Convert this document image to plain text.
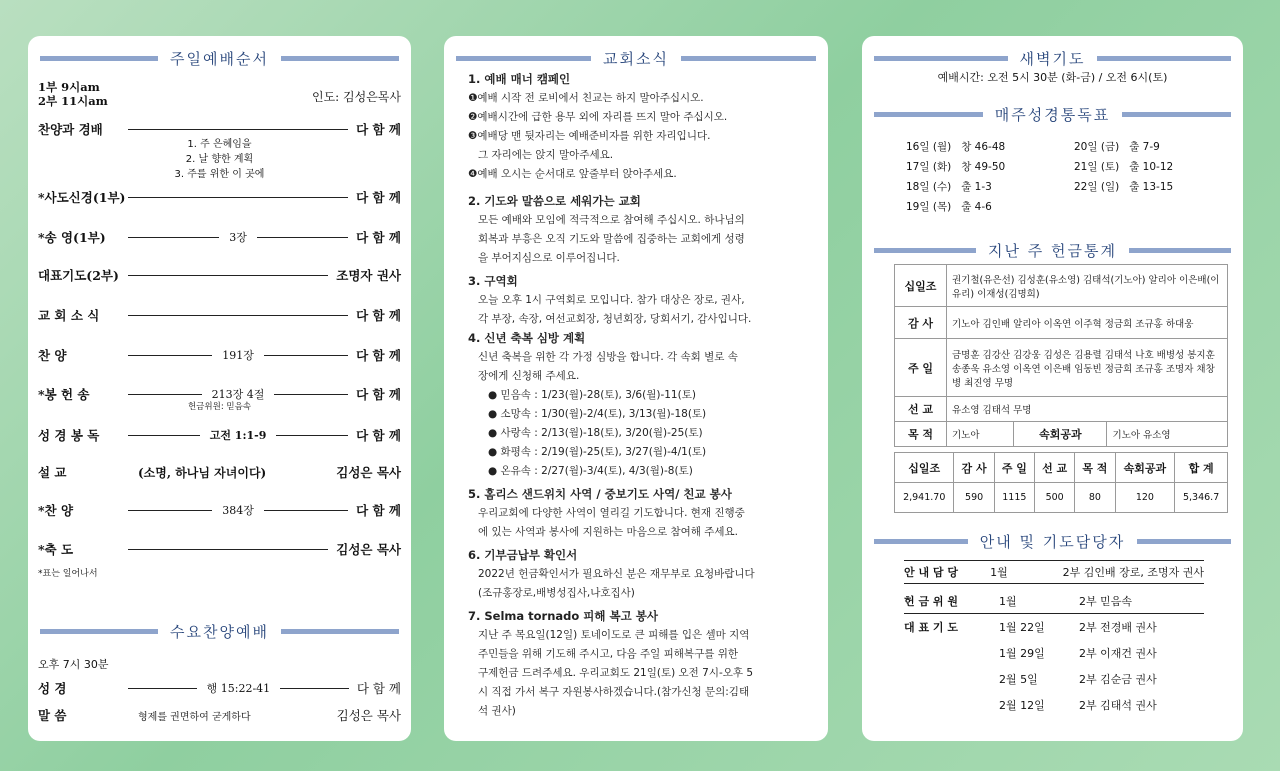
주일예배순서
1부 9시am
2부 11시am	인도: 김성은목사
찬양과 경배	다 함 께
1. 주 은혜임을
2. 날 향한 계획
3. 주를 위한 이 곳에
*사도신경(1부)	다 함 께
*송 영(1부)	3장	다 함 께
대표기도(2부)	조명자 권사
교 회 소 식	다 함 께
찬 양	191장	다 함 께
*봉 헌 송	213장 4절	다 함 께
헌금위원: 믿음속
성 경 봉 독	고전 1:1-9	다 함 께
설 교	(소명, 하나님 자녀이다)	김성은 목사
*찬 양	384장	다 함 께
*축 도	김성은 목사
*표는 일어나서
수요찬양예배
오후 7시 30분
성 경	행 15:22-41	다 함 께
말 씀	형제를 권면하여 굳게하다	김성은 목사
교회소식
1. 예배 매너 캠페인
❶예배 시작 전 로비에서 친교는 하지 말아주십시오.
❷예배시간에 급한 용무 외에 자리를 뜨지 말아 주십시오.
❸예배당 맨 뒷자리는 예배준비자를 위한 자리입니다.
그 자리에는 앉지 말아주세요.
❹예배 오시는 순서대로 앞줄부터 앉아주세요.
2. 기도와 말씀으로 세워가는 교회
모든 예배와 모임에 적극적으로 참여해 주십시오. 하나님의
회복과 부흥은 오직 기도와 말씀에 집중하는 교회에게 성령
을 부어지심으로 이루어집니다.
3. 구역회
오늘 오후 1시 구역회로 모입니다. 참가 대상은 장로, 권사,
각 부장, 속장, 여선교회장, 청년회장, 당회서기, 감사입니다.
4. 신년 축복 심방 계획
신년 축복을 위한 각 가정 심방을 합니다. 각 속회 별로 속
장에게 신청해 주세요.
● 믿음속 : 1/23(월)-28(토), 3/6(월)-11(토)
● 소망속 : 1/30(월)-2/4(토), 3/13(월)-18(토)
● 사랑속 : 2/13(월)-18(토), 3/20(월)-25(토)
● 화평속 : 2/19(월)-25(토), 3/27(월)-4/1(토)
● 온유속 : 2/27(월)-3/4(토), 4/3(월)-8(토)
5. 홈리스 샌드위치 사역 / 중보기도 사역/ 친교 봉사
우리교회에 다양한 사역이 열리길 기도합니다. 현재 진행중
에 있는 사역과 봉사에 지원하는 마음으로 참여해 주세요.
6. 기부금납부 확인서
2022년 헌금확인서가 필요하신 분은 재무부로 요청바랍니다
(조규홍장로,배병성집사,나호집사)
7. Selma tornado 피해 복고 봉사
지난 주 목요일(12일) 토네이도로 큰 피해를 입은 셀마 지역
주민들을 위해 기도해 주시고, 다음 주일 피해복구를 위한
구제헌금 드려주세요. 우리교회도 21일(토) 오전 7시-오후 5
시 직접 가서 복구 자원봉사하겠습니다.(참가신청 문의:김태
석 권사)
새벽기도
예배시간: 오전 5시 30분 (화-금) / 오전 6시(토)
매주성경통독표
16일 (월) 창 46-48
17일 (화) 창 49-50
18일 (수) 출 1-3
19일 (목) 출 4-6
20일 (금) 출 7-9
21일 (토) 출 10-12
22일 (일) 출 13-15
지난 주 헌금통계
십일조	권기철(유은선) 김성훈(유소영) 김태석(기노아) 알리아 이은배(이유리) 이재성(김명희)		
감 사	기노아 김인배 알리아 이옥연 이주혁 정금희 조규홍 하대웅		
주 일	금명훈 김강산 김강웅 김성은 김용렬 김태석 나호 배병성 봉지훈 송종욱 유소영 이옥연 이은배 임동빈 정금희 조규홍 조명자 채창병 최진영 무명		
선 교	유소영 김태석 무명		
목 적	기노아	속회공과	기노아 유소영
십일조	감 사	주 일	선 교	목 적	속회공과	합 계
2,941.70	590	1115	500	80	120	5,346.7
안내 및 기도담당자
안 내 담 당	1월	2부 김인배 장로, 조명자 권사
헌 금 위 원	1월	2부 믿음속
대 표 기 도	1월 22일	2부 전경배 권사
1월 29일	2부 이재건 권사
2월 5일	2부 김순금 권사
2월 12일	2부 김태석 권사
